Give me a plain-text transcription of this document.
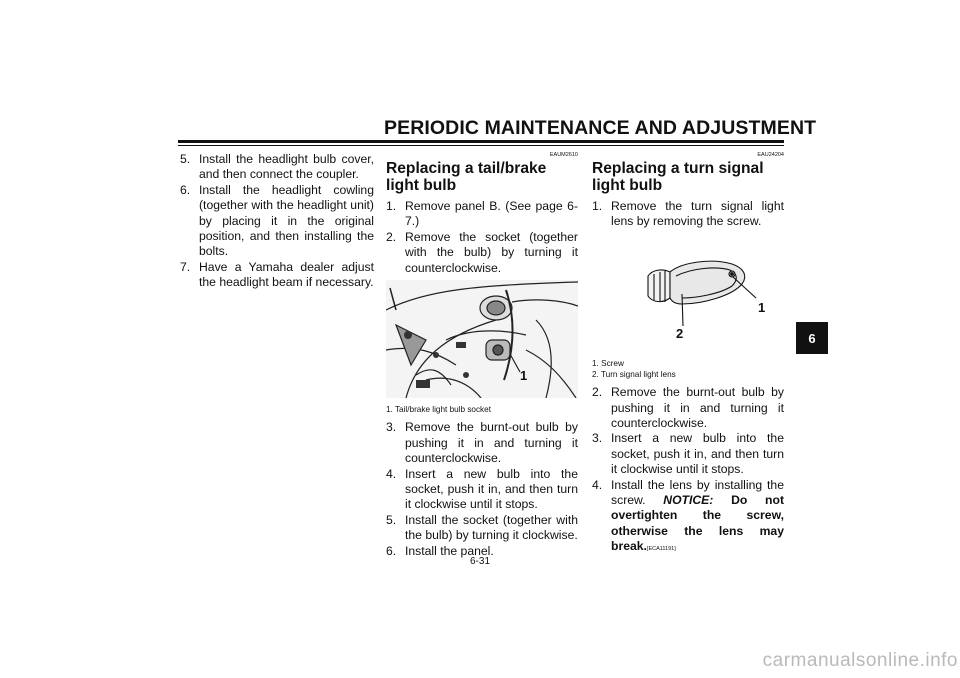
PERIODIC MAINTENANCE AND ADJUSTMENT
5. Install the headlight bulb cover, and then connect the coupler.
6. Install the headlight cowling (together with the headlight unit) by placing it in the original position, and then installing the bolts.
7. Have a Yamaha dealer adjust the headlight beam if necessary.
EAUM2610
Replacing a tail/brake light bulb
1. Remove panel B. (See page 6-7.)
2. Remove the socket (together with the bulb) by turning it counterclockwise.
1
1. Tail/brake light bulb socket
3. Remove the burnt-out bulb by pushing it in and turning it counterclockwise.
4. Insert a new bulb into the socket, push it in, and then turn it clockwise until it stops.
5. Install the socket (together with the bulb) by turning it clockwise.
6. Install the panel.
EAU24204
Replacing a turn signal light bulb
1. Remove the turn signal light lens by removing the screw.
2
1
1. Screw
2. Turn signal light lens
2. Remove the burnt-out bulb by pushing it in and turning it counterclockwise.
3. Insert a new bulb into the socket, push it in, and then turn it clockwise until it stops.
4. Install the lens by installing the screw. NOTICE: Do not overtighten the screw, otherwise the lens may break.[ECA11191]
6
6-31
carmanualsonline.info
